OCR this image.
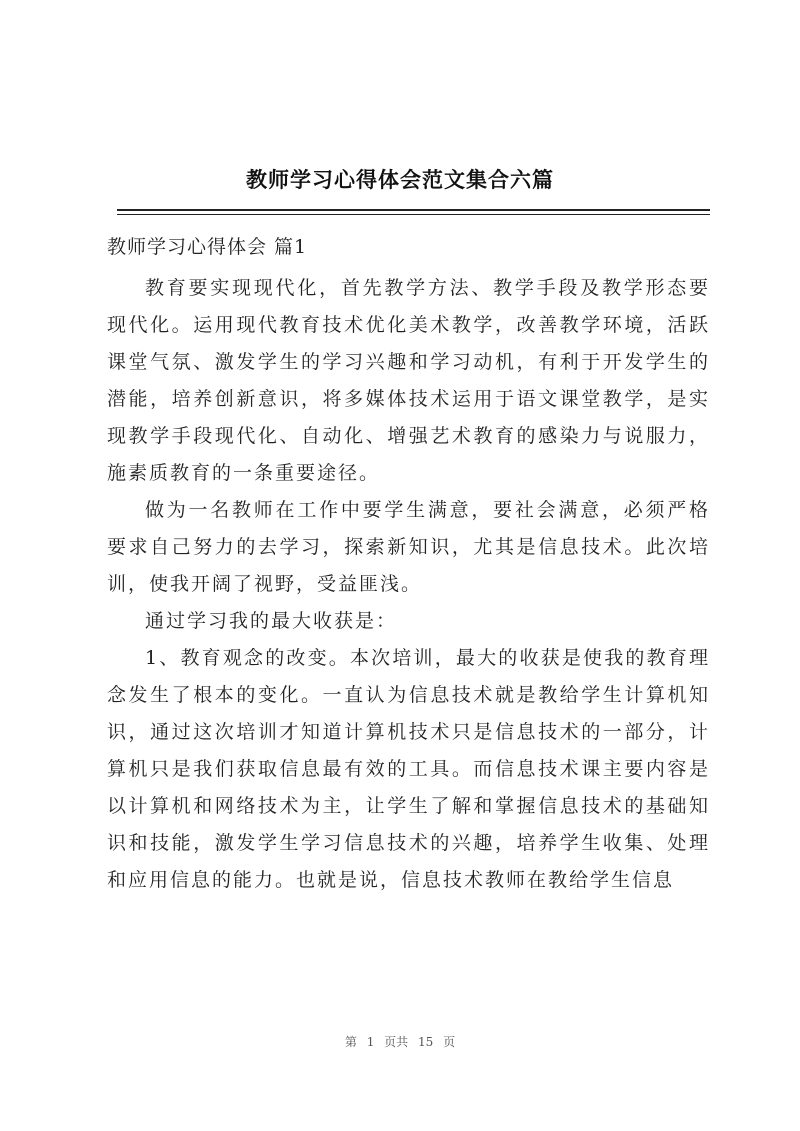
教师学习心得体会范文集合六篇
教师学习心得体会 篇1

教育要实现现代化，首先教学方法、教学手段及教学形态要现代化。运用现代教育技术优化美术教学，改善教学环境，活跃课堂气氛、激发学生的学习兴趣和学习动机，有利于开发学生的潜能，培养创新意识，将多媒体技术运用于语文课堂教学，是实现教学手段现代化、自动化、增强艺术教育的感染力与说服力，施素质教育的一条重要途径。

做为一名教师在工作中要学生满意，要社会满意，必须严格要求自己努力的去学习，探索新知识，尤其是信息技术。此次培训，使我开阔了视野，受益匪浅。

通过学习我的最大收获是：

1、教育观念的改变。本次培训，最大的收获是使我的教育理念发生了根本的变化。一直认为信息技术就是教给学生计算机知识，通过这次培训才知道计算机技术只是信息技术的一部分，计算机只是我们获取信息最有效的工具。而信息技术课主要内容是以计算机和网络技术为主，让学生了解和掌握信息技术的基础知识和技能，激发学生学习信息技术的兴趣，培养学生收集、处理和应用信息的能力。也就是说，信息技术教师在教给学生信息

第 1 页共 15 页
